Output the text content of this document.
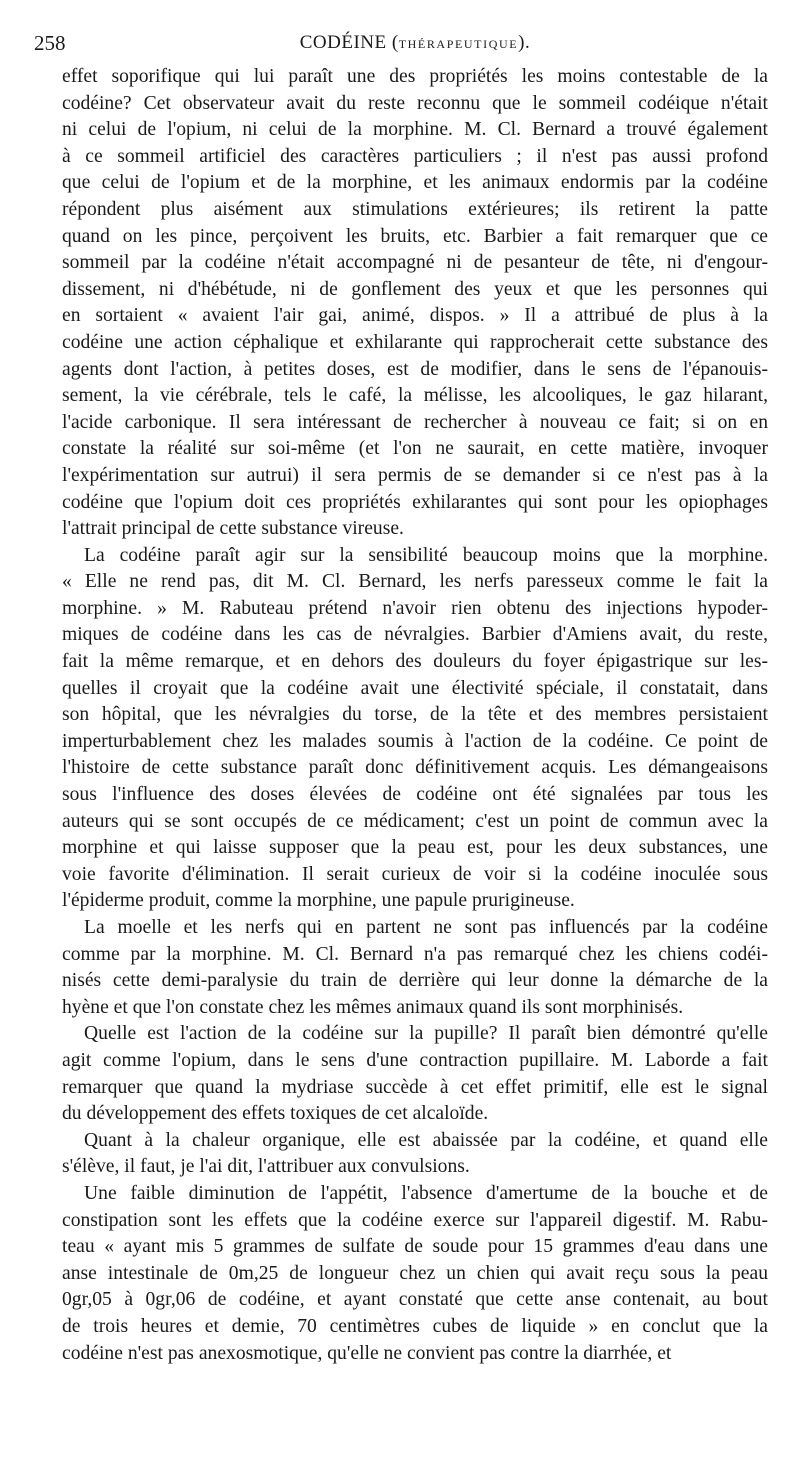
258	CODÉINE (THÉRAPEUTIQUE).
effet soporifique qui lui paraît une des propriétés les moins contestable de la
codéine? Cet observateur avait du reste reconnu que le sommeil codéique n'était
ni celui de l'opium, ni celui de la morphine. M. Cl. Bernard a trouvé également
à ce sommeil artificiel des caractères particuliers ; il n'est pas aussi profond
que celui de l'opium et de la morphine, et les animaux endormis par la codéine
répondent plus aisément aux stimulations extérieures; ils retirent la patte
quand on les pince, perçoivent les bruits, etc. Barbier a fait remarquer que ce
sommeil par la codéine n'était accompagné ni de pesanteur de tête, ni d'engour-
dissement, ni d'hébétude, ni de gonflement des yeux et que les personnes qui
en sortaient « avaient l'air gai, animé, dispos. » Il a attribué de plus à la
codéine une action céphalique et exhilarante qui rapprocherait cette substance des
agents dont l'action, à petites doses, est de modifier, dans le sens de l'épanouis-
sement, la vie cérébrale, tels le café, la mélisse, les alcooliques, le gaz hilarant,
l'acide carbonique. Il sera intéressant de rechercher à nouveau ce fait; si on en
constate la réalité sur soi-même (et l'on ne saurait, en cette matière, invoquer
l'expérimentation sur autrui) il sera permis de se demander si ce n'est pas à la
codéine que l'opium doit ces propriétés exhilarantes qui sont pour les opiophages
l'attrait principal de cette substance vireuse.
La codéine paraît agir sur la sensibilité beaucoup moins que la morphine.
« Elle ne rend pas, dit M. Cl. Bernard, les nerfs paresseux comme le fait la
morphine. » M. Rabuteau prétend n'avoir rien obtenu des injections hypoder-
miques de codéine dans les cas de névralgies. Barbier d'Amiens avait, du reste,
fait la même remarque, et en dehors des douleurs du foyer épigastrique sur les-
quelles il croyait que la codéine avait une électivité spéciale, il constatait, dans
son hôpital, que les névralgies du torse, de la tête et des membres persistaient
imperturbablement chez les malades soumis à l'action de la codéine. Ce point de
l'histoire de cette substance paraît donc définitivement acquis. Les démangeaisons
sous l'influence des doses élevées de codéine ont été signalées par tous les
auteurs qui se sont occupés de ce médicament; c'est un point de commun avec la
morphine et qui laisse supposer que la peau est, pour les deux substances, une
voie favorite d'élimination. Il serait curieux de voir si la codéine inoculée sous
l'épiderme produit, comme la morphine, une papule prurigineuse.
La moelle et les nerfs qui en partent ne sont pas influencés par la codéine
comme par la morphine. M. Cl. Bernard n'a pas remarqué chez les chiens codéi-
nisés cette demi-paralysie du train de derrière qui leur donne la démarche de la
hyène et que l'on constate chez les mêmes animaux quand ils sont morphinisés.
Quelle est l'action de la codéine sur la pupille? Il paraît bien démontré qu'elle
agit comme l'opium, dans le sens d'une contraction pupillaire. M. Laborde a fait
remarquer que quand la mydriase succède à cet effet primitif, elle est le signal
du développement des effets toxiques de cet alcaloïde.
Quant à la chaleur organique, elle est abaissée par la codéine, et quand elle
s'élève, il faut, je l'ai dit, l'attribuer aux convulsions.
Une faible diminution de l'appétit, l'absence d'amertume de la bouche et de
constipation sont les effets que la codéine exerce sur l'appareil digestif. M. Rabu-
teau « ayant mis 5 grammes de sulfate de soude pour 15 grammes d'eau dans une
anse intestinale de 0m,25 de longueur chez un chien qui avait reçu sous la peau
0gr,05 à 0gr,06 de codéine, et ayant constaté que cette anse contenait, au bout
de trois heures et demie, 70 centimètres cubes de liquide » en conclut que la
codéine n'est pas anexosmotique, qu'elle ne convient pas contre la diarrhée, et
